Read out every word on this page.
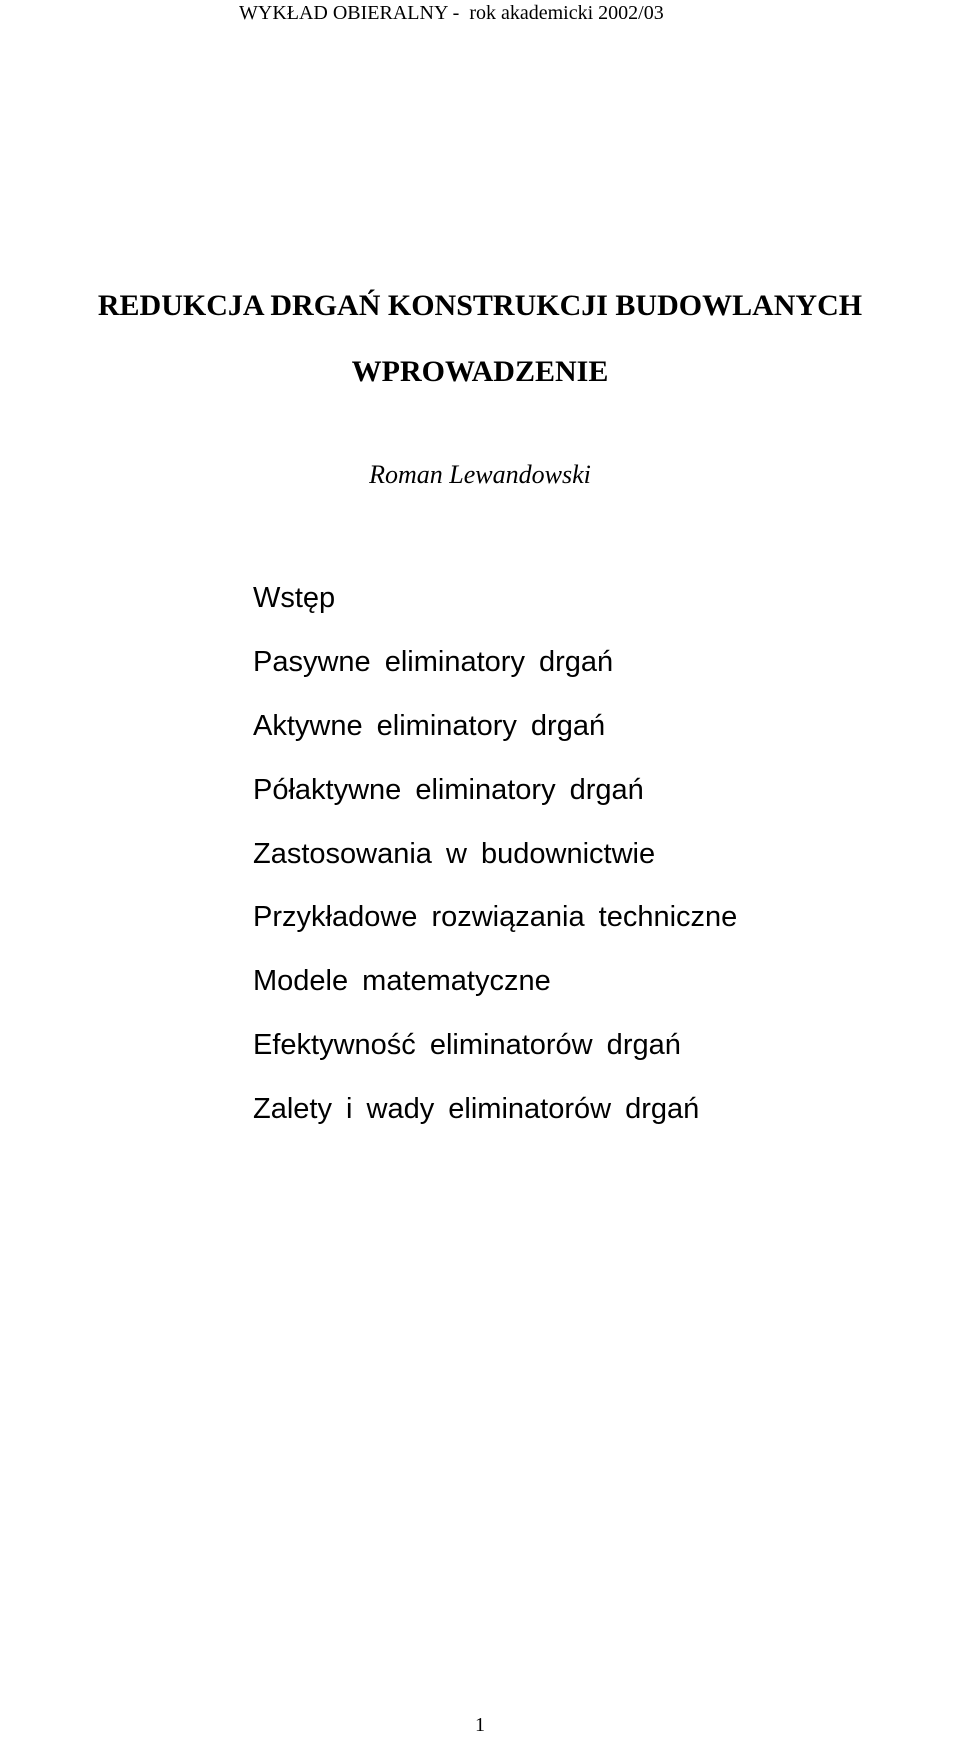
WYKŁAD OBIERALNY -  rok akademicki 2002/03
REDUKCJA DRGAŃ KONSTRUKCJI BUDOWLANYCH
WPROWADZENIE
Roman Lewandowski
Wstęp
Pasywne eliminatory drgań
Aktywne eliminatory drgań
Półaktywne eliminatory drgań
Zastosowania w budownictwie
Przykładowe rozwiązania techniczne
Modele matematyczne
Efektywność eliminatorów drgań
Zalety i wady eliminatorów drgań
1
